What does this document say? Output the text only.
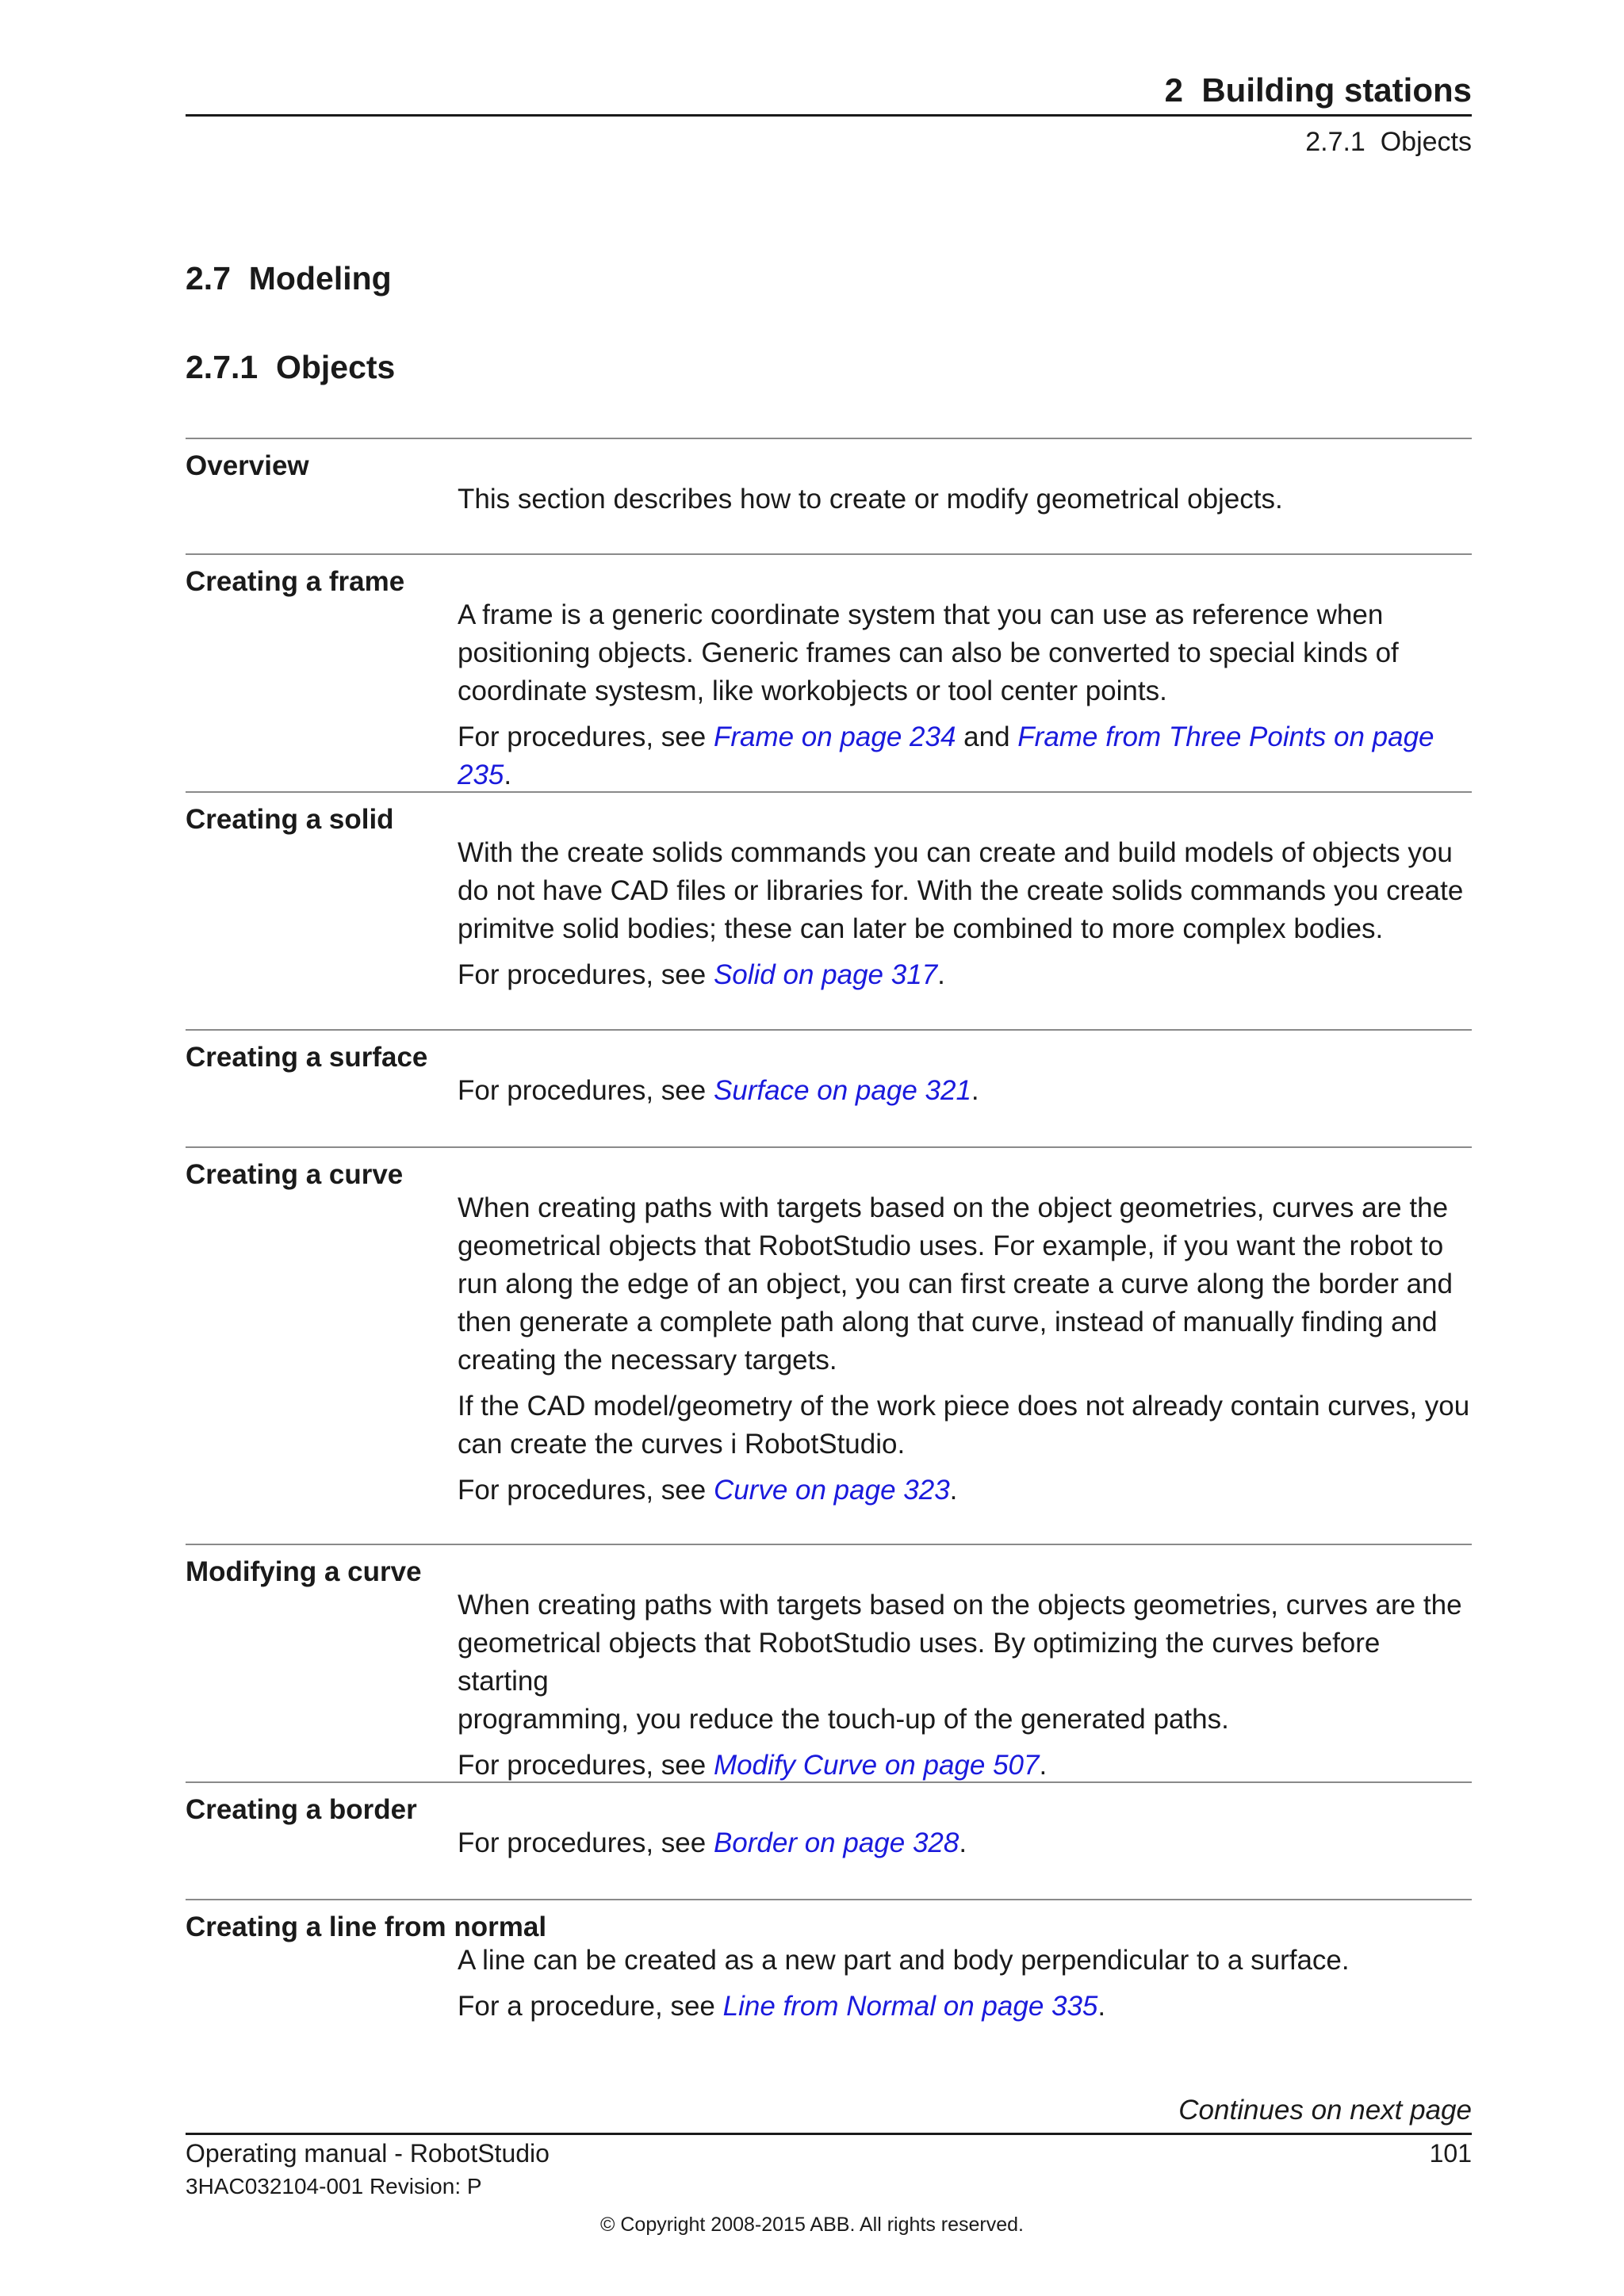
2  Building stations
2.7.1  Objects
2.7  Modeling
2.7.1  Objects
Overview

This section describes how to create or modify geometrical objects.

Creating a frame

A frame is a generic coordinate system that you can use as reference when
positioning objects. Generic frames can also be converted to special kinds of
coordinate systesm, like workobjects or tool center points.

For procedures, see Frame on page 234 and Frame from Three Points on page 235.

Creating a solid

With the create solids commands you can create and build models of objects you
do not have CAD files or libraries for. With the create solids commands you create
primitve solid bodies; these can later be combined to more complex bodies.

For procedures, see Solid on page 317.

Creating a surface

For procedures, see Surface on page 321.

Creating a curve

When creating paths with targets based on the object geometries, curves are the
geometrical objects that RobotStudio uses. For example, if you want the robot to
run along the edge of an object, you can first create a curve along the border and
then generate a complete path along that curve, instead of manually finding and
creating the necessary targets.

If the CAD model/geometry of the work piece does not already contain curves, you
can create the curves i RobotStudio.

For procedures, see Curve on page 323.

Modifying a curve

When creating paths with targets based on the objects geometries, curves are the
geometrical objects that RobotStudio uses. By optimizing the curves before starting
programming, you reduce the touch-up of the generated paths.

For procedures, see Modify Curve on page 507.

Creating a border

For procedures, see Border on page 328.

Creating a line from normal

A line can be created as a new part and body perpendicular to a surface.

For a procedure, see Line from Normal on page 335.

Continues on next page
Operating manual - RobotStudio	101
3HAC032104-001 Revision: P
© Copyright 2008-2015 ABB. All rights reserved.
